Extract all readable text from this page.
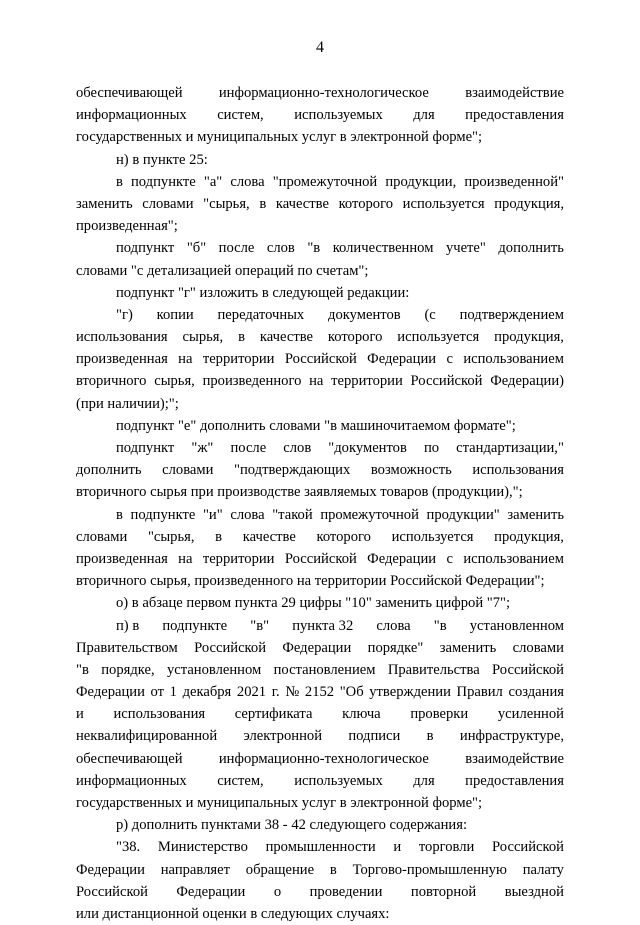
4
обеспечивающей информационно-технологическое взаимодействие
информационных систем, используемых для предоставления
государственных и муниципальных услуг в электронной форме";
н) в пункте 25:
в подпункте "а" слова "промежуточной продукции, произведенной"
заменить словами "сырья, в качестве которого используется продукция,
произведенная";
подпункт "б" после слов "в количественном учете" дополнить
словами "с детализацией операций по счетам";
подпункт "г" изложить в следующей редакции:
"г) копии передаточных документов (с подтверждением
использования сырья, в качестве которого используется продукция,
произведенная на территории Российской Федерации с использованием
вторичного сырья, произведенного на территории Российской Федерации)
(при наличии);";
подпункт "е" дополнить словами "в машиночитаемом формате";
подпункт "ж" после слов "документов по стандартизации,"
дополнить словами "подтверждающих возможность использования
вторичного сырья при производстве заявляемых товаров (продукции),";
в подпункте "и" слова "такой промежуточной продукции" заменить
словами "сырья, в качестве которого используется продукция,
произведенная на территории Российской Федерации с использованием
вторичного сырья, произведенного на территории Российской Федерации";
о) в абзаце первом пункта 29 цифры "10" заменить цифрой "7";
п) в подпункте "в" пункта 32 слова "в установленном
Правительством Российской Федерации порядке" заменить словами
"в порядке, установленном постановлением Правительства Российской
Федерации от 1 декабря 2021 г. № 2152 "Об утверждении Правил создания
и использования сертификата ключа проверки усиленной
неквалифицированной электронной подписи в инфраструктуре,
обеспечивающей информационно-технологическое взаимодействие
информационных систем, используемых для предоставления
государственных и муниципальных услуг в электронной форме";
р) дополнить пунктами 38 - 42 следующего содержания:
"38. Министерство промышленности и торговли Российской
Федерации направляет обращение в Торгово-промышленную палату
Российской Федерации о проведении повторной выездной
или дистанционной оценки в следующих случаях:
